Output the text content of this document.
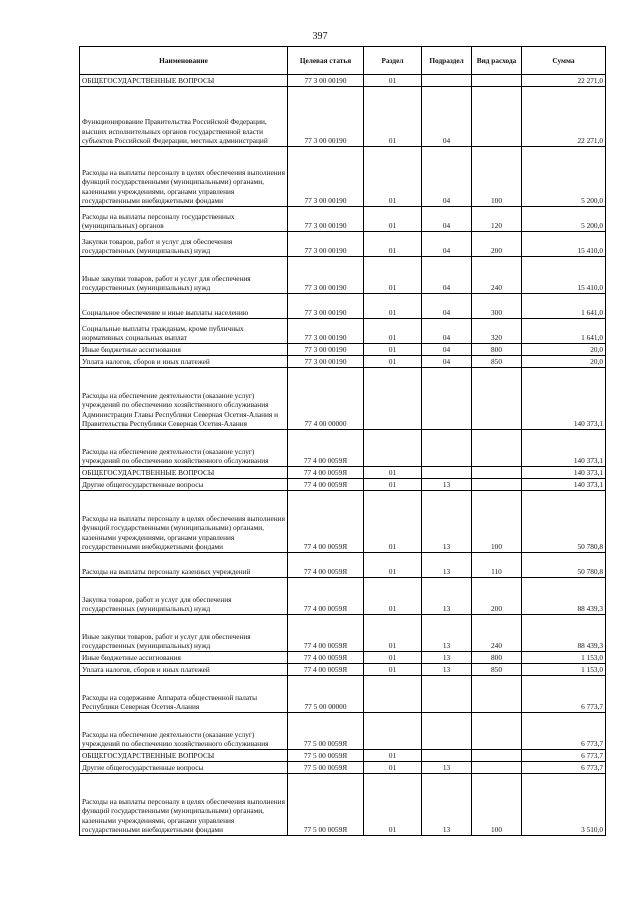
397
Наименование	Целевая статья	Раздел	Подраздел	Вид расхода	Сумма
ОБЩЕГОСУДАРСТВЕННЫЕ ВОПРОСЫ	77 3 00 00190	01			22 271,0
Функционирование Правительства Российской Федерации, высших исполнительных органов государственной власти субъектов Российской Федерации, местных администраций	77 3 00 00190	01	04		22 271,0
Расходы на выплаты персоналу в целях обеспечения выполнения функций государственными (муниципальными) органами, казенными учреждениями, органами управления государственными внебюджетными фондами	77 3 00 00190	01	04	100	5 200,0
Расходы на выплаты персоналу государственных (муниципальных) органов	77 3 00 00190	01	04	120	5 200,0
Закупки товаров, работ и услуг для обеспечения государственных (муниципальных) нужд	77 3 00 00190	01	04	200	15 410,0
Иные закупки товаров, работ и услуг для обеспечения государственных (муниципальных) нужд	77 3 00 00190	01	04	240	15 410,0
Социальное обеспечение и иные выплаты населению	77 3 00 00190	01	04	300	1 641,0
Социальные выплаты гражданам, кроме публичных нормативных социальных выплат	77 3 00 00190	01	04	320	1 641,0
Иные бюджетные ассигнования	77 3 00 00190	01	04	800	20,0
Уплата налогов, сборов и иных платежей	77 3 00 00190	01	04	850	20,0
Расходы на обеспечение деятельности (оказание услуг) учреждений по обеспечению хозяйственного обслуживания Администрации Главы Республики Северная Осетия-Алания и Правительства Республики Северная Осетия-Алания	77 4 00 00000				140 373,1
Расходы на обеспечение деятельности (оказание услуг) учреждений по обеспечению хозяйственного обслуживания	77 4 00 0059Я				140 373,1
ОБЩЕГОСУДАРСТВЕННЫЕ ВОПРОСЫ	77 4 00 0059Я	01			140 373,1
Другие общегосударственные вопросы	77 4 00 0059Я	01	13		140 373,1
Расходы на выплаты персоналу в целях обеспечения выполнения функций государственными (муниципальными) органами, казенными учреждениями, органами управления государственными внебюджетными фондами	77 4 00 0059Я	01	13	100	50 780,8
Расходы на выплаты персоналу казенных учреждений	77 4 00 0059Я	01	13	110	50 780,8
Закупка товаров, работ и услуг для обеспечения государственных (муниципальных) нужд	77 4 00 0059Я	01	13	200	88 439,3
Иные закупки товаров, работ и услуг для обеспечения государственных (муниципальных) нужд	77 4 00 0059Я	01	13	240	88 439,3
Иные бюджетные ассигнования	77 4 00 0059Я	01	13	800	1 153,0
Уплата налогов, сборов и иных платежей	77 4 00 0059Я	01	13	850	1 153,0
Расходы на содержание Аппарата общественной палаты Республики Северная Осетия-Алания	77 5 00 00000				6 773,7
Расходы на обеспечение деятельности (оказание услуг) учреждений по обеспечению хозяйственного обслуживания	77 5 00 0059Я				6 773,7
ОБЩЕГОСУДАРСТВЕННЫЕ ВОПРОСЫ	77 5 00 0059Я	01			6 773,7
Другие общегосударственные вопросы	77 5 00 0059Я	01	13		6 773,7
Расходы на выплаты персоналу в целях обеспечения выполнения функций государственными (муниципальными) органами, казенными учреждениями, органами управления государственными внебюджетными фондами	77 5 00 0059Я	01	13	100	3 510,0
